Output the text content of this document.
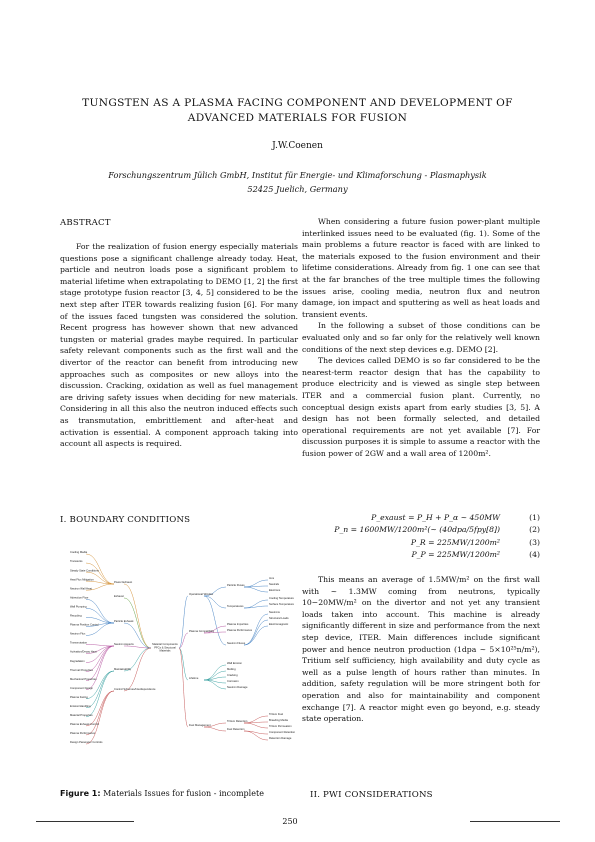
TUNGSTEN AS A PLASMA FACING COMPONENT AND DEVELOPMENT OF
ADVANCED MATERIALS FOR FUSION
J.W.Coenen
Forschungszentrum Jülich GmbH, Institut für Energie- und Klimaforschung - Plasmaphysik
52425 Juelich, Germany
ABSTRACT

For the realization of fusion energy especially materials questions pose a significant challenge already today. Heat, particle and neutron loads pose a significant problem to material lifetime when extrapolating to DEMO [1, 2] the first stage prototype fusion reactor [3, 4, 5] considered to be the next step after ITER towards realizing fusion [6]. For many of the issues faced tungsten was considered the solution. Recent progress has however shown that new advanced tungsten or material grades maybe required. In particular safety relevant components such as the first wall and the divertor of the reactor can benefit from introducing new approaches such as composites or new alloys into the discussion. Cracking, oxidation as well as fuel management are driving safety issues when deciding for new materials. Considering in all this also the neutron induced effects such as transmutation, embrittlement and after-heat and activation is essential. A component approach taking into account all aspects is required.

I. BOUNDARY CONDITIONS
Material Components
PFCs & Structural
Materials
Power Exhaust
Exhaust
Particle Exhaust
Neutron Aspects
Maintainability
Control Schemes/Interdependence
Cooling Media
Transients
Steady State Conditions
Heat Flux Mitigation
Neutron Wall Heat
Advection Flow
Wall Pumping
Recycling
Plasma Position Control
Neutron Flux
Transmutation
Activation/Decay Heat
Degradation
Thermal Properties
Mechanical Properties
Component Design
Plasma Facing
Erosion/Handling
Material Properties
Plasma Exhaust Control
Plasma Performance
Design Parameter Controls
Operational Window
Plasma Compatibility
Lifetime
Fuel Management
Particle Fluxes
Temperatures
Neutron Fluxes
Plasma Impurities
Plasma Performance
Wall Erosion
Melting
Cracking
Corrosion
Neutron Damage
Tritium Retention
Fuel Retention
Ions
Neutrals
Electrons
Cooling Temperature
Surface Temperature
Neutrons
Structural Loads
Electromagnetic
Tritium Fuel
Breeding Media
Tritium Permeation
Component Retention
Retention Damage
Figure 1: Materials Issues for fusion - incomplete

When considering a future fusion power-plant multiple interlinked issues need to be evaluated (fig. 1). Some of the main problems a future reactor is faced with are linked to the materials exposed to the fusion environment and their lifetime considerations. Already from fig. 1 one can see that at the far branches of the tree multiple times the following issues arise, cooling media, neutron flux and neutron damage, ion impact and sputtering as well as heat loads and transient events.

In the following a subset of those conditions can be evaluated only and so far only for the relatively well known conditions of the next step devices e.g. DEMO [2].

The devices called DEMO is so far considered to be the nearest-term reactor design that has the capability to produce electricity and is viewed as single step between ITER and a commercial fusion plant. Currently, no conceptual design exists apart from early studies [3, 5]. A design has not been formally selected, and detailed operational requirements are not yet available [7]. For discussion purposes it is simple to assume a reactor with the fusion power of 2GW and a wall area of 1200m².

P_exaust = P_H + P_α ~ 450MW	(1)
P_n = 1600MW/1200m²(~ (40dpa/5fpy[8])	(2)
P_R = 225MW/1200m²	(3)
P_P = 225MW/1200m²	(4)

This means an average of 1.5MW/m² on the first wall with ~ 1.3MW coming from neutrons, typically 10−20MW/m² on the divertor and not yet any transient loads taken into account. This machine is already significantly different in size and performance from the next step device, ITER. Main differences include significant power and hence neutron production (1dpa ~ 5×10²⁵n/m²), Tritium self sufficiency, high availability and duty cycle as well as a pulse length of hours rather than minutes. In addition, safety regulation will be more stringent both for operation and also for maintainability and component exchange [7]. A reactor might even go beyond, e.g. steady state operation.

II. PWI CONSIDERATIONS
250
